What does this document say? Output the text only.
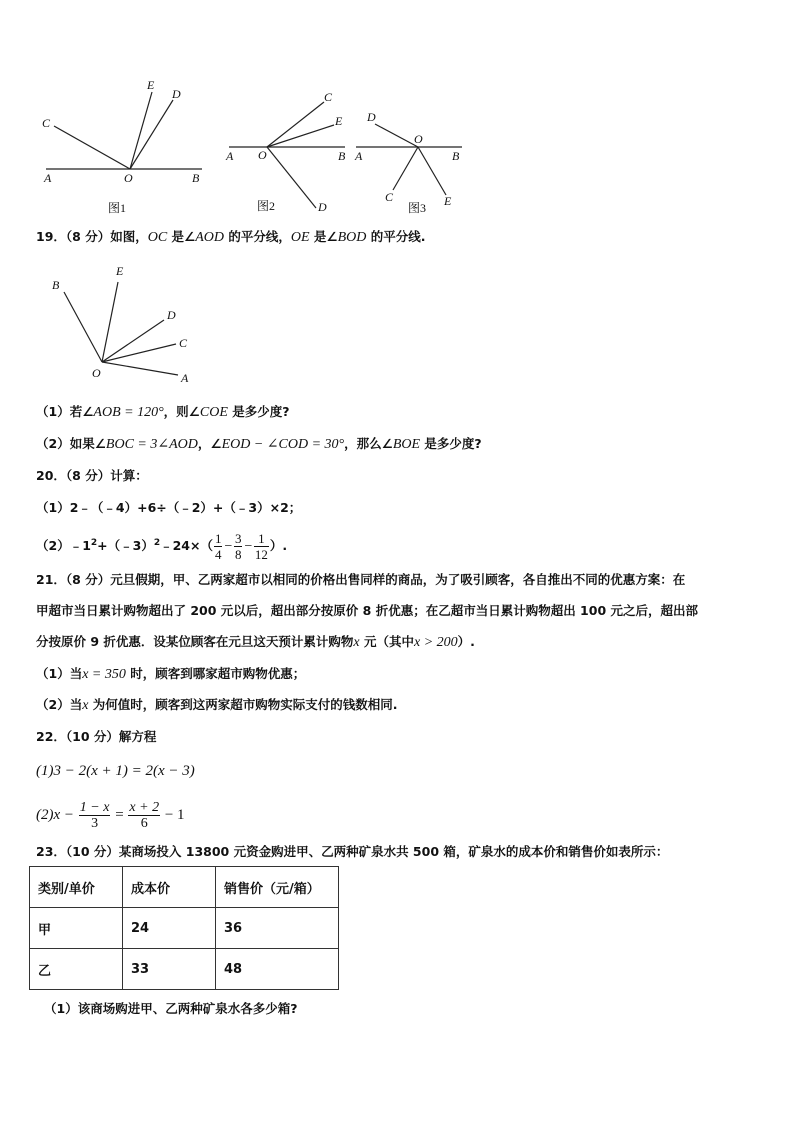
A	O	B
C
E
D
图1
A O	B
C
E
D
图2
A
O
B
D
C	E
图3
19．（8 分）如图，OC 是∠AOD 的平分线，OE 是∠BOD 的平分线.
B
E
D
C
A
O
（1）若∠AOB = 120°，则∠COE 是多少度?
（2）如果∠BOC = 3∠AOD，∠EOD − ∠COD = 30°，那么∠BOE 是多少度?
20．（8 分）计算：
（1）2﹣（﹣4）+6÷（﹣2）+（﹣3）×2；
$(2)﹣1^2+(﹣3)^2﹣24\times( \frac{1}{4} - \frac{3}{8} - \frac{1}{12}$ ）.
21．（8 分）元旦假期，甲、乙两家超市以相同的价格出售同样的商品，为了吸引顾客，各自推出不同的优惠方案：在
甲超市当日累计购物超出了 200 元以后，超出部分按原价 8 折优惠；在乙超市当日累计购物超出 100 元之后，超出部
分按原价 9 折优惠．设某位顾客在元旦这天预计累计购物x 元（其中x > 200）.
（1）当x = 350 时，顾客到哪家超市购物优惠；
（2）当x 为何值时，顾客到这两家超市购物实际支付的钱数相同.
22．（10 分）解方程
(1)3 − 2(x + 1) = 2(x − 3)
$(2)x - \frac{1 - x}{3} = \frac{x + 2}{6} - 1$
23．（10 分）某商场投入 13800 元资金购进甲、乙两种矿泉水共 500 箱，矿泉水的成本价和销售价如表所示：
类别/单价	成本价	销售价（元/箱）
甲	24	36
乙	33	48
（1）该商场购进甲、乙两种矿泉水各多少箱?
